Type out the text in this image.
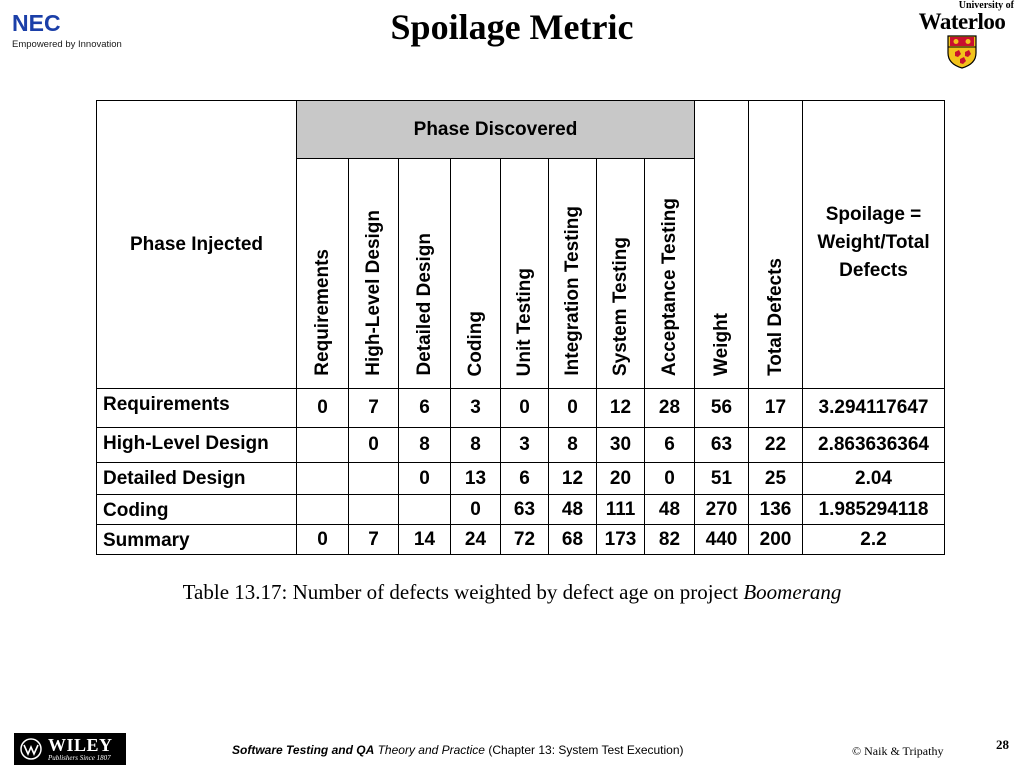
NEC
Empowered by Innovation	Spoilage Metric
University of
Waterloo
Phase Injected	Phase Discovered								Weight	Total Defects	Spoilage = Weight/Total Defects
	Requirements	High-Level Design	Detailed Design	Coding	Unit Testing	Integration Testing	System Testing	Acceptance Testing			
Requirements	0	7	6	3	0	0	12	28	56	17	3.294117647
High-Level Design		0	8	8	3	8	30	6	63	22	2.863636364
Detailed Design			0	13	6	12	20	0	51	25	2.04
Coding				0	63	48	111	48	270	136	1.985294118
Summary	0	7	14	24	72	68	173	82	440	200	2.2
Table 13.17: Number of defects weighted by defect age on project Boomerang
WILEY
Publishers Since 1807
Software Testing and QA Theory and Practice (Chapter 13: System Test Execution)	© Naik & Tripathy	28
